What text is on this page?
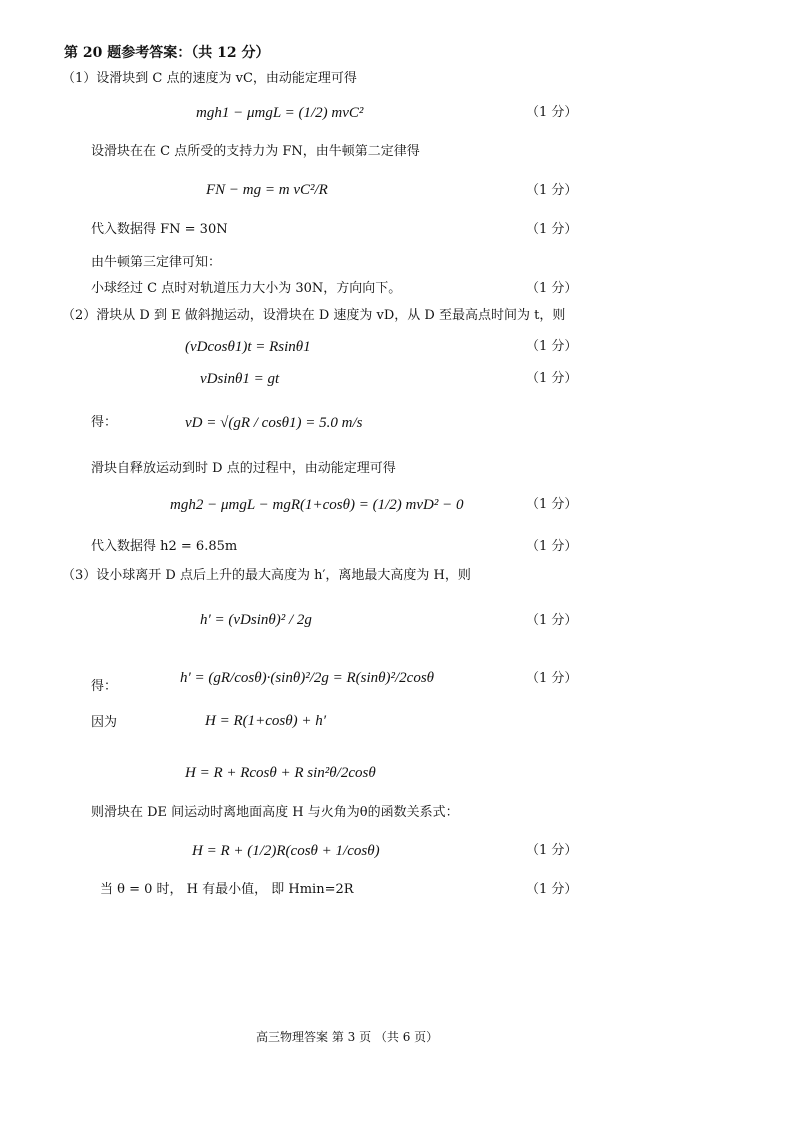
第 20 题参考答案：（共 12 分）
（1）设滑块到 C 点的速度为 vC，由动能定理可得
mgh1 − μmgL = (1/2) mvC²	（1 分）
设滑块在在 C 点所受的支持力为 FN，由牛顿第二定律得
FN − mg = m vC²/R	（1 分）
代入数据得 FN = 30N	（1 分）
由牛顿第三定律可知：
小球经过 C 点时对轨道压力大小为 30N，方向向下。	（1 分）
（2）滑块从 D 到 E 做斜抛运动，设滑块在 D 速度为 vD，从 D 至最高点时间为 t，则
(vDcosθ1)t = Rsinθ1	（1 分）
vDsinθ1 = gt	（1 分）
得：	vD = √(gR / cosθ1) = 5.0 m/s
滑块自释放运动到时 D 点的过程中，由动能定理可得
mgh2 − μmgL − mgR(1+cosθ) = (1/2) mvD² − 0	（1 分）
代入数据得 h2 = 6.85m	（1 分）
（3）设小球离开 D 点后上升的最大高度为 h′，离地最大高度为 H，则
h′ = (vDsinθ)² / 2g	（1 分）
得：
h′ = (gR/cosθ)·(sinθ)²/2g = R(sinθ)²/2cosθ	（1 分）
因为	H = R(1+cosθ) + h′
H = R + Rcosθ + R sin²θ/2cosθ
则滑块在 DE 间运动时离地面高度 H 与火角为θ的函数关系式：
H = R + (1/2)R(cosθ + 1/cosθ)	（1 分）
当 θ = 0 时， H 有最小值， 即 Hmin=2R	（1 分）
高三物理答案 第 3 页 （共 6 页）
